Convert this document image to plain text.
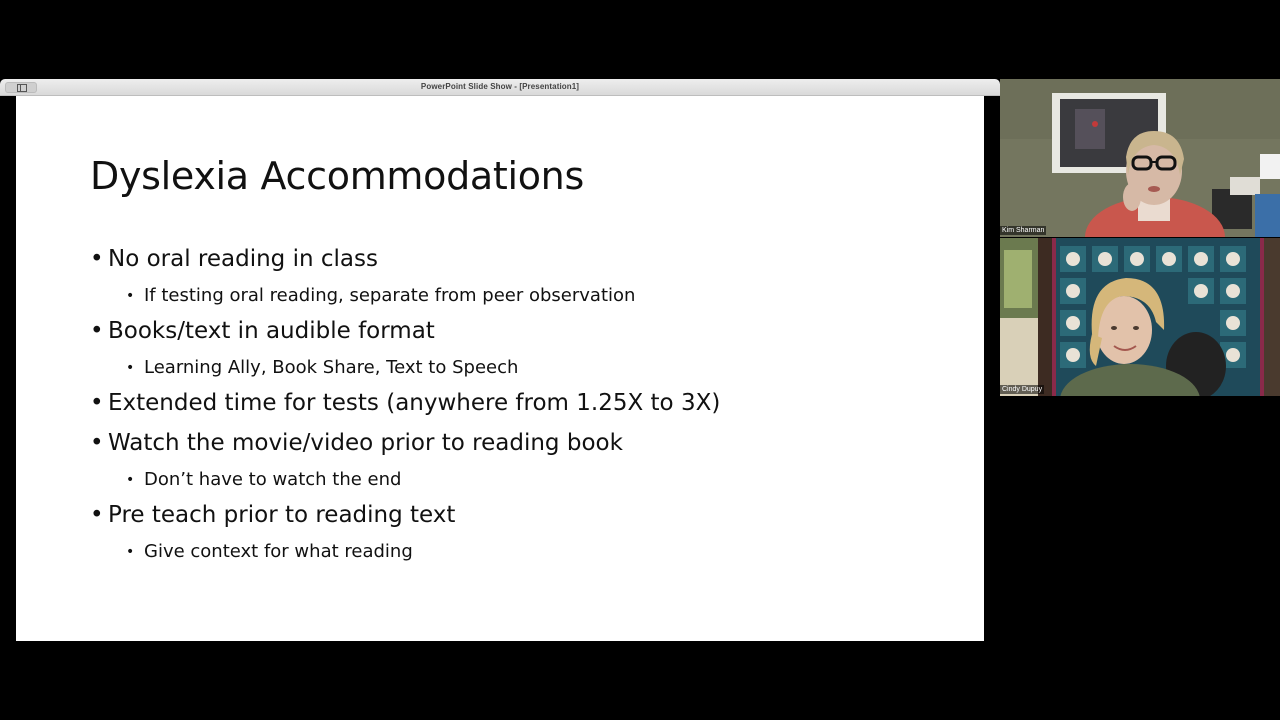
PowerPoint Slide Show - [Presentation1]
Dyslexia Accommodations

• No oral reading in class

• If testing oral reading, separate from peer observation

• Books/text in audible format

• Learning Ally, Book Share, Text to Speech

• Extended time for tests (anywhere from 1.25X to 3X)

• Watch the movie/video prior to reading book

• Don’t have to watch the end

• Pre teach prior to reading text

• Give context for what reading

Kim Sharman
Cindy Dupuy
